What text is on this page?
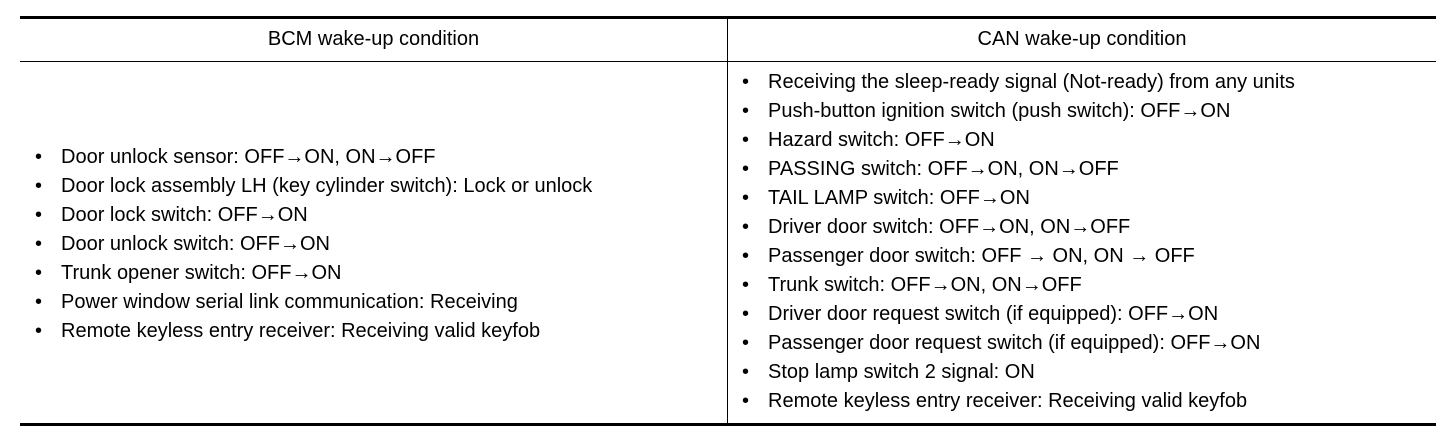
BCM wake-up condition	CAN wake-up condition
• Door unlock sensor: OFF→ON, ON→OFF
• Door lock assembly LH (key cylinder switch): Lock or unlock
• Door lock switch: OFF→ON
• Door unlock switch: OFF→ON
• Trunk opener switch: OFF→ON
• Power window serial link communication: Receiving
• Remote keyless entry receiver: Receiving valid keyfob
• Receiving the sleep-ready signal (Not-ready) from any units
• Push-button ignition switch (push switch): OFF→ON
• Hazard switch: OFF→ON
• PASSING switch: OFF→ON, ON→OFF
• TAIL LAMP switch: OFF→ON
• Driver door switch: OFF→ON, ON→OFF
• Passenger door switch: OFF → ON, ON → OFF
• Trunk switch: OFF→ON, ON→OFF
• Driver door request switch (if equipped): OFF→ON
• Passenger door request switch (if equipped): OFF→ON
• Stop lamp switch 2 signal: ON
• Remote keyless entry receiver: Receiving valid keyfob
